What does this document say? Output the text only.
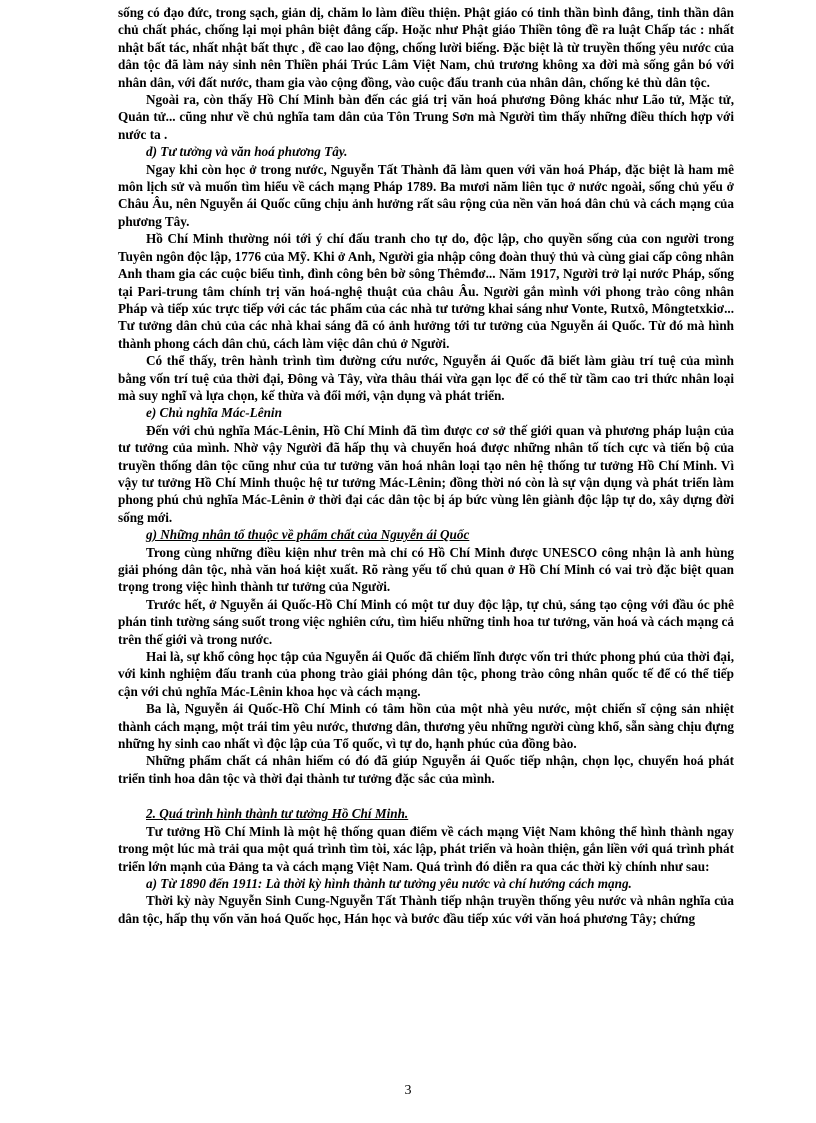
sống có đạo đức, trong sạch, giản dị, chăm lo làm điều thiện. Phật giáo có tinh thần bình đẳng, tinh thần dân chủ chất phác, chống lại mọi phân biệt đẳng cấp. Hoặc như Phật giáo Thiền tông đề ra luật Chấp tác : nhất nhật bất tác, nhất nhật bất thực , đề cao lao động, chống lười biếng. Đặc biệt là từ truyền thống yêu nước của dân tộc đã làm nảy sinh nên Thiền phái Trúc Lâm Việt Nam, chủ trương không xa đời mà sống gắn bó với nhân dân, với đất nước, tham gia vào cộng đồng, vào cuộc đấu tranh của nhân dân, chống kẻ thù dân tộc.

Ngoài ra, còn thấy Hồ Chí Minh bàn đến các giá trị văn hoá phương Đông khác như Lão tử, Mặc tử, Quản tử... cũng như về chủ nghĩa tam dân của Tôn Trung Sơn mà Người tìm thấy những điều thích hợp với nước ta .

d) Tư tưởng và văn hoá phương Tây.

Ngay khi còn học ở trong nước, Nguyễn Tất Thành đã làm quen với văn hoá Pháp, đặc biệt là ham mê môn lịch sử và muốn tìm hiểu về cách mạng Pháp 1789. Ba mươi năm liên tục ở nước ngoài, sống chủ yếu ở Châu Âu, nên Nguyễn ái Quốc cũng chịu ảnh hưởng rất sâu rộng của nền văn hoá dân chủ và cách mạng của phương Tây.

Hồ Chí Minh thường nói tới ý chí đấu tranh cho tự do, độc lập, cho quyền sống của con người trong Tuyên ngôn độc lập, 1776 của Mỹ. Khi ở Anh, Người gia nhập công đoàn thuỷ thủ và cùng giai cấp công nhân Anh tham gia các cuộc biểu tình, đình công bên bờ sông Thêmđơ... Năm 1917, Người trở lại nước Pháp, sống tại Pari-trung tâm chính trị văn hoá-nghệ thuật của châu Âu. Người gắn mình với phong trào công nhân Pháp và tiếp xúc trực tiếp với các tác phẩm của các nhà tư tưởng khai sáng như Vonte, Rutxô, Môngtetxkiơ... Tư tưởng dân chủ của các nhà khai sáng đã có ảnh hưởng tới tư tưởng của Nguyễn ái Quốc. Từ đó mà hình thành phong cách dân chủ, cách làm việc dân chủ ở Người.

Có thể thấy, trên hành trình tìm đường cứu nước, Nguyễn ái Quốc đã biết làm giàu trí tuệ của mình bằng vốn trí tuệ của thời đại, Đông và Tây, vừa thâu thái vừa gạn lọc để có thể từ tầm cao tri thức nhân loại mà suy nghĩ và lựa chọn, kế thừa và đổi mới, vận dụng và phát triển.

e) Chủ nghĩa Mác-Lênin

Đến với chủ nghĩa Mác-Lênin, Hồ Chí Minh đã tìm được cơ sở thế giới quan và phương pháp luận của tư tưởng của mình. Nhờ vậy Người đã hấp thụ và chuyển hoá được những nhân tố tích cực và tiến bộ của truyền thống dân tộc cũng như của tư tưởng văn hoá nhân loại tạo nên hệ thống tư tưởng Hồ Chí Minh. Vì vậy tư tưởng Hồ Chí Minh thuộc hệ tư tưởng Mác-Lênin; đồng thời nó còn là sự vận dụng và phát triển làm phong phú chủ nghĩa Mác-Lênin ở thời đại các dân tộc bị áp bức vùng lên giành độc lập tự do, xây dựng đời sống mới.

g) Những nhân tố thuộc về phẩm chất của Nguyễn ái Quốc

Trong cùng những điều kiện như trên mà chỉ có Hồ Chí Minh được UNESCO công nhận là anh hùng giải phóng dân tộc, nhà văn hoá kiệt xuất. Rõ ràng yếu tố chủ quan ở Hồ Chí Minh có vai trò đặc biệt quan trọng trong việc hình thành tư tưởng của Người.

Trước hết, ở Nguyễn ái Quốc-Hồ Chí Minh có một tư duy độc lập, tự chủ, sáng tạo cộng với đầu óc phê phán tinh tường sáng suốt trong việc nghiên cứu, tìm hiểu những tinh hoa tư tưởng, văn hoá và cách mạng cả trên thế giới và trong nước.

Hai là, sự khổ công học tập của Nguyễn ái Quốc đã chiếm lĩnh được vốn tri thức phong phú của thời đại, với kinh nghiệm đấu tranh của phong trào giải phóng dân tộc, phong trào công nhân quốc tế để có thể tiếp cận với chủ nghĩa Mác-Lênin khoa học và cách mạng.

Ba là, Nguyễn ái Quốc-Hồ Chí Minh có tâm hồn của một nhà yêu nước, một chiến sĩ cộng sản nhiệt thành cách mạng, một trái tim yêu nước, thương dân, thương yêu những người cùng khổ, sẵn sàng chịu đựng những hy sinh cao nhất vì độc lập của Tổ quốc, vì tự do, hạnh phúc của đồng bào.

Những phẩm chất cá nhân hiếm có đó đã giúp Nguyễn ái Quốc tiếp nhận, chọn lọc, chuyển hoá phát triển tinh hoa dân tộc và thời đại thành tư tưởng đặc sắc của mình.

2. Quá trình hình thành tư tưởng Hồ Chí Minh.

Tư tưởng Hồ Chí Minh là một hệ thống quan điểm về cách mạng Việt Nam không thể hình thành ngay trong một lúc mà trải qua một quá trình tìm tòi, xác lập, phát triển và hoàn thiện, gắn liền với quá trình phát triển lớn mạnh của Đảng ta và cách mạng Việt Nam. Quá trình đó diễn ra qua các thời kỳ chính như sau:

a) Từ 1890 đến 1911: Là thời kỳ hình thành tư tưởng yêu nước và chí hướng cách mạng.

Thời kỳ này Nguyễn Sinh Cung-Nguyễn Tất Thành tiếp nhận truyền thống yêu nước và nhân nghĩa của dân tộc, hấp thụ vốn văn hoá Quốc học, Hán học và bước đầu tiếp xúc với văn hoá phương Tây; chứng

3
